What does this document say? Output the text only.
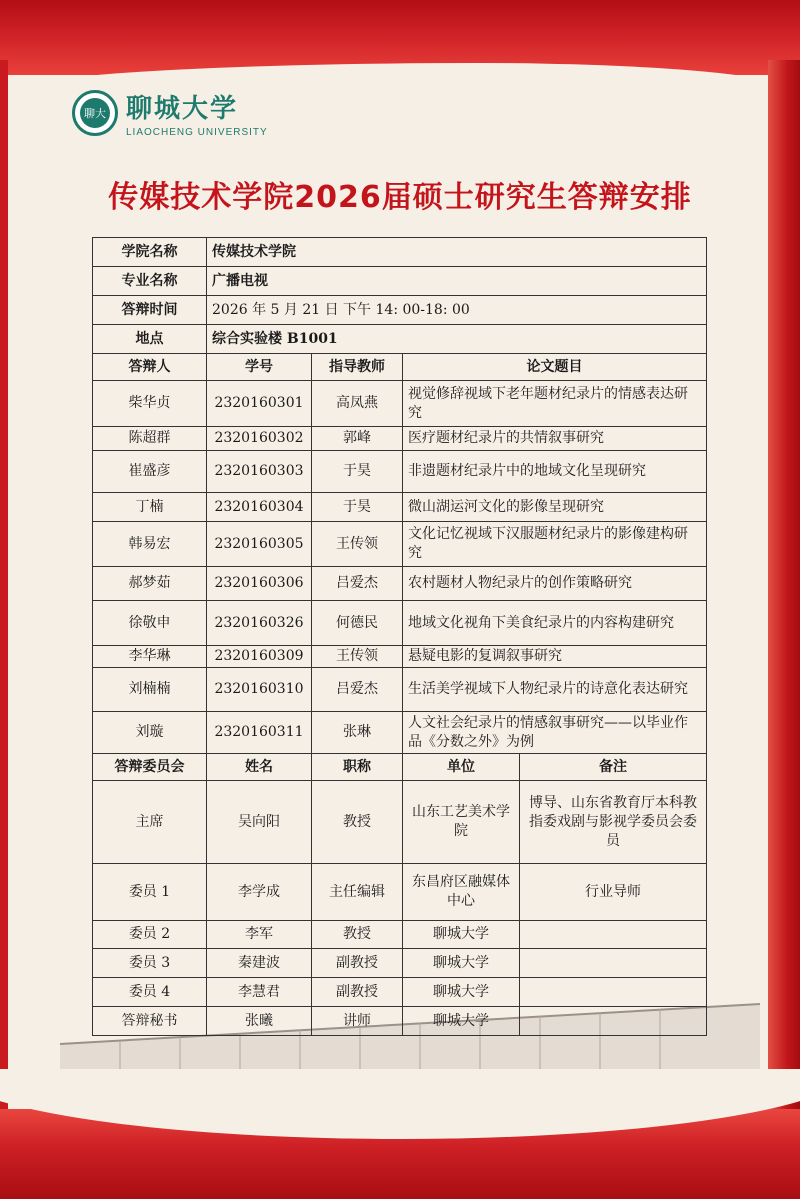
聊大 聊城大学
LIAOCHENG UNIVERSITY
传媒技术学院2026届硕士研究生答辩安排
学院名称	传媒技术学院			
专业名称	广播电视			
答辩时间	2026 年 5 月 21 日 下午 14: 00-18: 00			
地点	综合实验楼 B1001			
答辩人	学号	指导教师	论文题目	
柴华贞	2320160301	高凤燕	视觉修辞视域下老年题材纪录片的情感表达研究	
陈超群	2320160302	郭峰	医疗题材纪录片的共情叙事研究	
崔盛彦	2320160303	于昊	非遗题材纪录片中的地域文化呈现研究	
丁楠	2320160304	于昊	微山湖运河文化的影像呈现研究	
韩易宏	2320160305	王传领	文化记忆视域下汉服题材纪录片的影像建构研究	
郝梦茹	2320160306	吕爱杰	农村题材人物纪录片的创作策略研究	
徐敬申	2320160326	何德民	地域文化视角下美食纪录片的内容构建研究	
李华琳	2320160309	王传领	悬疑电影的复调叙事研究	
刘楠楠	2320160310	吕爱杰	生活美学视域下人物纪录片的诗意化表达研究	
刘璇	2320160311	张琳	人文社会纪录片的情感叙事研究——以毕业作品《分数之外》为例	
答辩委员会	姓名	职称	单位	备注
主席	吴向阳	教授	山东工艺美术学院	博导、山东省教育厅本科教指委戏剧与影视学委员会委员
委员 1	李学成	主任编辑	东昌府区融媒体中心	行业导师
委员 2	李军	教授	聊城大学	
委员 3	秦建波	副教授	聊城大学	
委员 4	李慧君	副教授	聊城大学	
答辩秘书	张曦	讲师	聊城大学	
